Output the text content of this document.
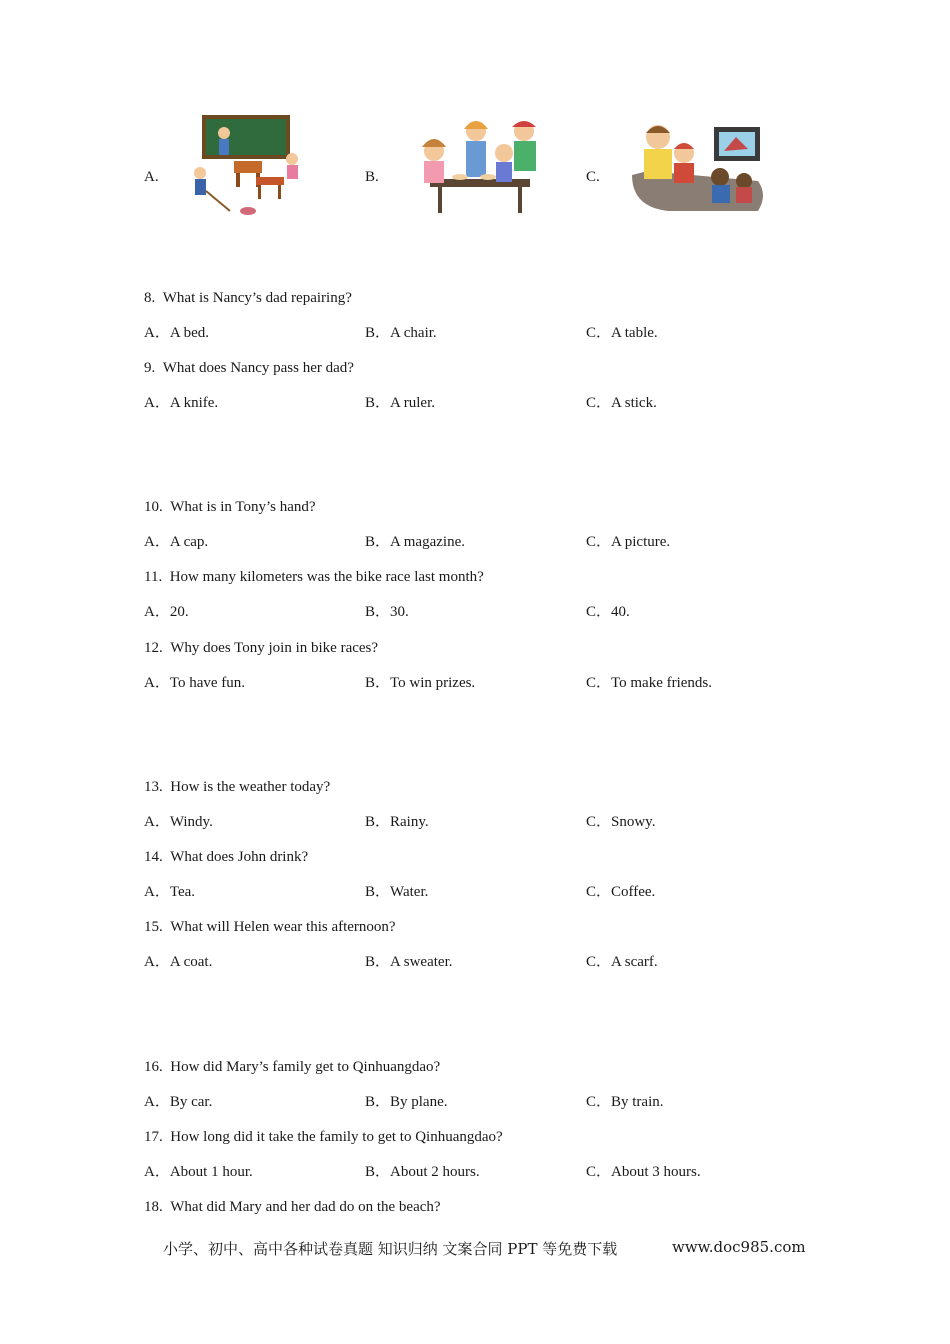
A.	B.	C.
8. What is Nancy’s dad repairing?
A．A bed.	B．A chair.	C．A table.
9. What does Nancy pass her dad?
A．A knife.	B．A ruler.	C．A stick.
10. What is in Tony’s hand?
A．A cap.	B．A magazine.	C．A picture.
11. How many kilometers was the bike race last month?
A．20.	B．30.	C．40.
12. Why does Tony join in bike races?
A．To have fun.	B．To win prizes.	C．To make friends.
13. How is the weather today?
A．Windy.	B．Rainy.	C．Snowy.
14. What does John drink?
A．Tea.	B．Water.	C．Coffee.
15. What will Helen wear this afternoon?
A．A coat.	B．A sweater.	C．A scarf.
16. How did Mary’s family get to Qinhuangdao?
A．By car.	B．By plane.	C．By train.
17. How long did it take the family to get to Qinhuangdao?
A．About 1 hour.	B．About 2 hours.	C．About 3 hours.
18. What did Mary and her dad do on the beach?
小学、初中、高中各种试卷真题 知识归纳 文案合同 PPT 等免费下载	www.doc985.com
